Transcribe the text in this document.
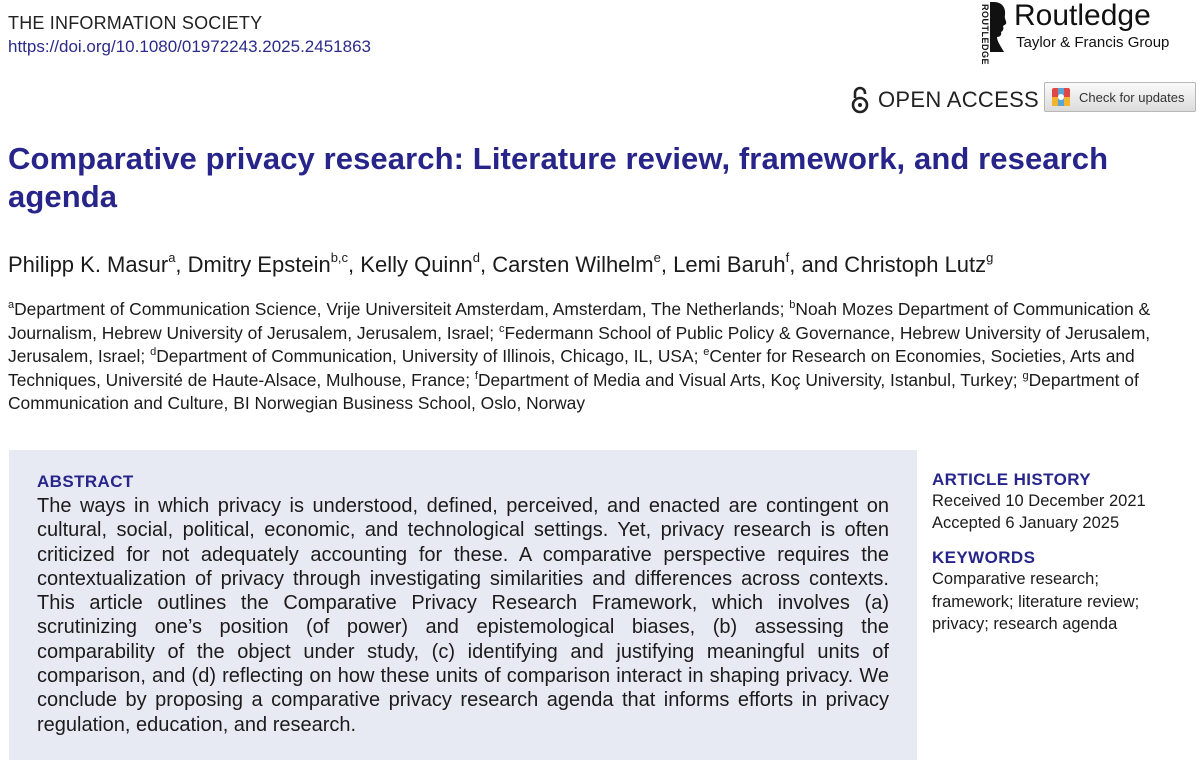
THE INFORMATION SOCIETY
https://doi.org/10.1080/01972243.2025.2451863	ROUTLEDGE Routledge
Taylor & Francis Group
OPEN ACCESS	Check for updates
Comparative privacy research: Literature review, framework, and research agenda
Philipp K. Masur$^a$, Dmitry Epstein$^{b,c}$, Kelly Quinn$^d$, Carsten Wilhelm$^e$, Lemi Baruh$^f$, and Christoph Lutz$^g$
$^a$Department of Communication Science, Vrije Universiteit Amsterdam, Amsterdam, The Netherlands; $^b$Noah Mozes Department of Communication & Journalism, Hebrew University of Jerusalem, Jerusalem, Israel; $^c$Federmann School of Public Policy & Governance, Hebrew University of Jerusalem, Jerusalem, Israel; $^d$Department of Communication, University of Illinois, Chicago, IL, USA; $^e$Center for Research on Economies, Societies, Arts and Techniques, Université de Haute-Alsace, Mulhouse, France; $^f$Department of Media and Visual Arts, Koç University, Istanbul, Turkey; $^g$Department of Communication and Culture, BI Norwegian Business School, Oslo, Norway
ABSTRACT

The ways in which privacy is understood, defined, perceived, and enacted are contingent on cultural, social, political, economic, and technological settings. Yet, privacy research is often criticized for not adequately accounting for these. A comparative perspective requires the contextualization of privacy through investigating similarities and differences across contexts. This article outlines the Comparative Privacy Research Framework, which involves (a) scrutinizing one’s position (of power) and epistemological biases, (b) assessing the comparability of the object under study, (c) identifying and justifying meaningful units of comparison, and (d) reflecting on how these units of comparison interact in shaping privacy. We conclude by proposing a comparative privacy research agenda that informs efforts in privacy regulation, education, and research.

ARTICLE HISTORY
Received 10 December 2021
Accepted 6 January 2025
KEYWORDS
Comparative research; framework; literature review; privacy; research agenda
